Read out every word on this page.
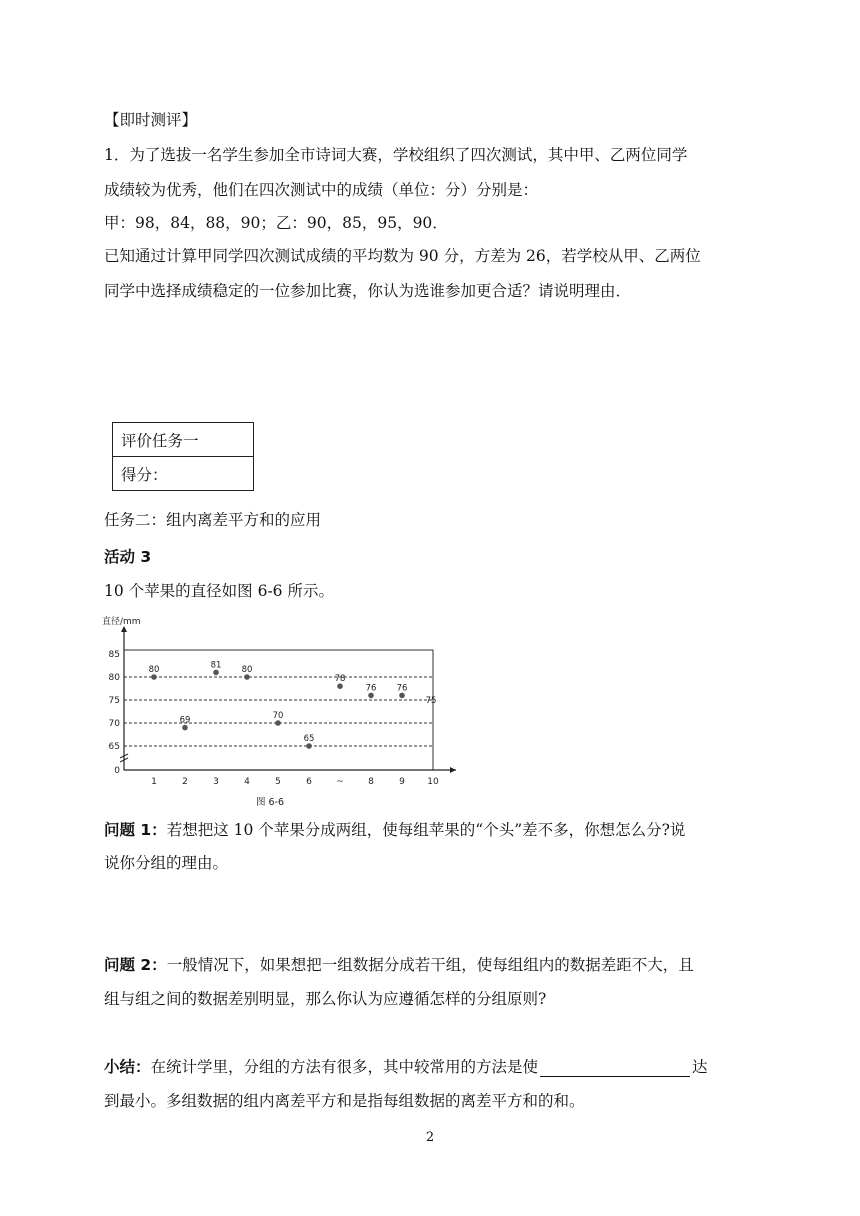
【即时测评】
1．为了选拔一名学生参加全市诗词大赛，学校组织了四次测试，其中甲、乙两位同学
成绩较为优秀，他们在四次测试中的成绩（单位：分）分别是：
甲：98，84，88，90；乙：90，85，95，90．
已知通过计算甲同学四次测试成绩的平均数为 90 分，方差为 26，若学校从甲、乙两位
同学中选择成绩稳定的一位参加比赛，你认为选谁参加更合适？请说明理由．
评价任务一
得分：
任务二：组内离差平方和的应用
活动 3
10 个苹果的直径如图 6-6 所示。
直径/mm
0
65
70
75
80
85
1	2	3	4	5	6	~	8	9 10
80
69
81 80
70
65
78
76 76
75
图 6-6
问题 1：若想把这 10 个苹果分成两组，使每组苹果的“个头”差不多，你想怎么分?说
说你分组的理由。
问题 2：一般情况下，如果想把一组数据分成若干组，使每组组内的数据差距不大，且
组与组之间的数据差别明显，那么你认为应遵循怎样的分组原则?
小结：在统计学里，分组的方法有很多，其中较常用的方法是使	达
到最小。多组数据的组内离差平方和是指每组数据的离差平方和的和。
2
